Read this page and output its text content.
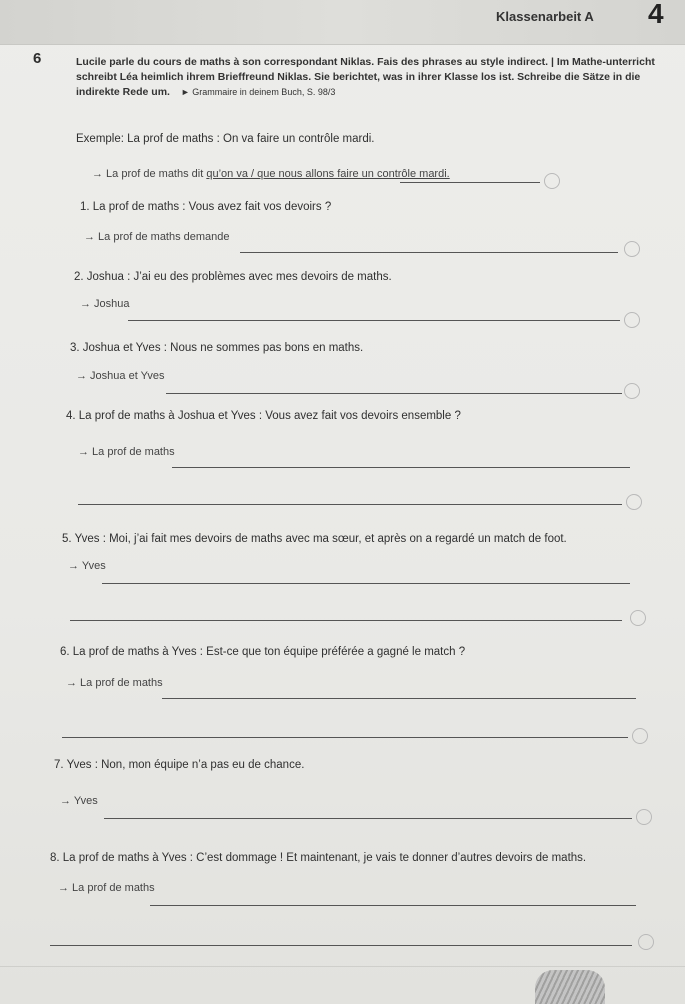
Klassenarbeit A 4
6	Lucile parle du cours de maths à son correspondant Niklas. Fais des phrases au style indirect. | Im Mathe-unterricht schreibt Léa heimlich ihrem Brieffreund Niklas. Sie berichtet, was in ihrer Klasse los ist. Schreibe die Sätze in die indirekte Rede um. ► Grammaire in deinem Buch, S. 98/3
Exemple: La prof de maths : On va faire un contrôle mardi.
→ La prof de maths dit qu’on va / que nous allons faire un contrôle mardi.
1. La prof de maths : Vous avez fait vos devoirs ?
→ La prof de maths demande
2. Joshua : J’ai eu des problèmes avec mes devoirs de maths.
→ Joshua
3. Joshua et Yves : Nous ne sommes pas bons en maths.
→ Joshua et Yves
4. La prof de maths à Joshua et Yves : Vous avez fait vos devoirs ensemble ?
→ La prof de maths
5. Yves : Moi, j’ai fait mes devoirs de maths avec ma sœur, et après on a regardé un match de foot.
→ Yves
6. La prof de maths à Yves : Est-ce que ton équipe préférée a gagné le match ?
→ La prof de maths
7. Yves : Non, mon équipe n’a pas eu de chance.
→ Yves
8. La prof de maths à Yves : C’est dommage ! Et maintenant, je vais te donner d’autres devoirs de maths.
→ La prof de maths
